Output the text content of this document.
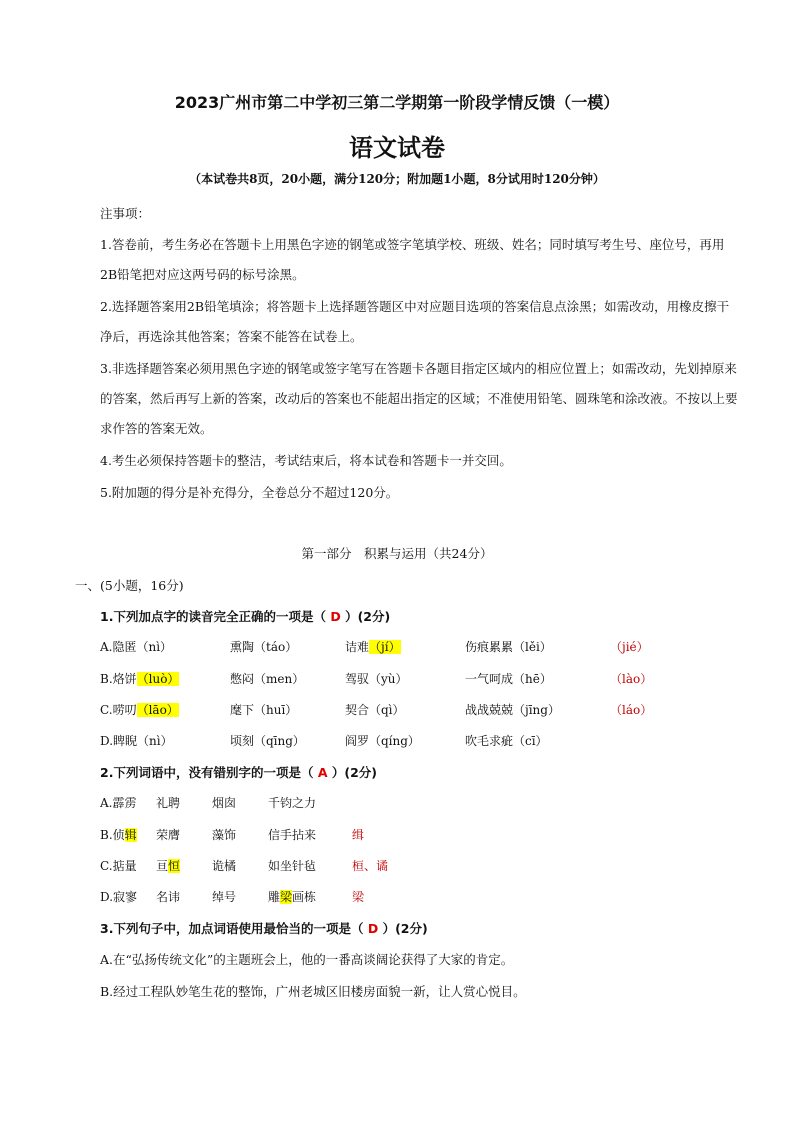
2023广州市第二中学初三第二学期第一阶段学情反馈（一模）
语文试卷
（本试卷共8页，20小题，满分120分；附加题1小题，8分试用时120分钟）
注事项：
1.答卷前，考生务必在答题卡上用黑色字迹的钢笔或签字笔填学校、班级、姓名；同时填写考生号、座位号，再用2B铅笔把对应这两号码的标号涂黑。
2.选择题答案用2B铅笔填涂；将答题卡上选择题答题区中对应题目选项的答案信息点涂黑；如需改动，用橡皮擦干净后，再选涂其他答案；答案不能答在试卷上。
3.非选择题答案必须用黑色字迹的钢笔或签字笔写在答题卡各题目指定区域内的相应位置上；如需改动，先划掉原来的答案，然后再写上新的答案，改动后的答案也不能超出指定的区域；不准使用铅笔、圆珠笔和涂改液。不按以上要求作答的答案无效。
4.考生必须保持答题卡的整洁，考试结束后，将本试卷和答题卡一并交回。
5.附加题的得分是补充得分，全卷总分不超过120分。
第一部分　积累与运用（共24分）
一、(5小题，16分)
1.下列加点字的读音完全正确的一项是（ D ）(2分)
A.隐匿（nì）	熏陶（táo）	诘难（jí）	伤痕累累（lěi）	（jié）
B.烙饼（luò）	憋闷（men）	驾驭（yù）	一气呵成（hē）	（lào）
C.唠叨（lāo）	麾下（huī）	契合（qì）	战战兢兢（jīng）	（láo）
D.睥睨（nì）	顷刻（qīng）	阎罗（qíng）	吹毛求疵（cī）
2.下列词语中，没有错别字的一项是（ A ）(2分)
A.霹雳 礼聘	烟囱	千钧之力
B.侦辑 荣膺	藻饰	信手拈来	缉
C.掂量 亘恒	诡橘	如坐针毡	桓、谲
D.寂寥 名讳	绰号	雕梁画栋	梁
3.下列句子中，加点词语使用最恰当的一项是（ D ）(2分)
A.在“弘扬传统文化”的主题班会上，他的一番高谈阔论获得了大家的肯定。
B.经过工程队妙笔生花的整饰，广州老城区旧楼房面貌一新，让人赏心悦目。
